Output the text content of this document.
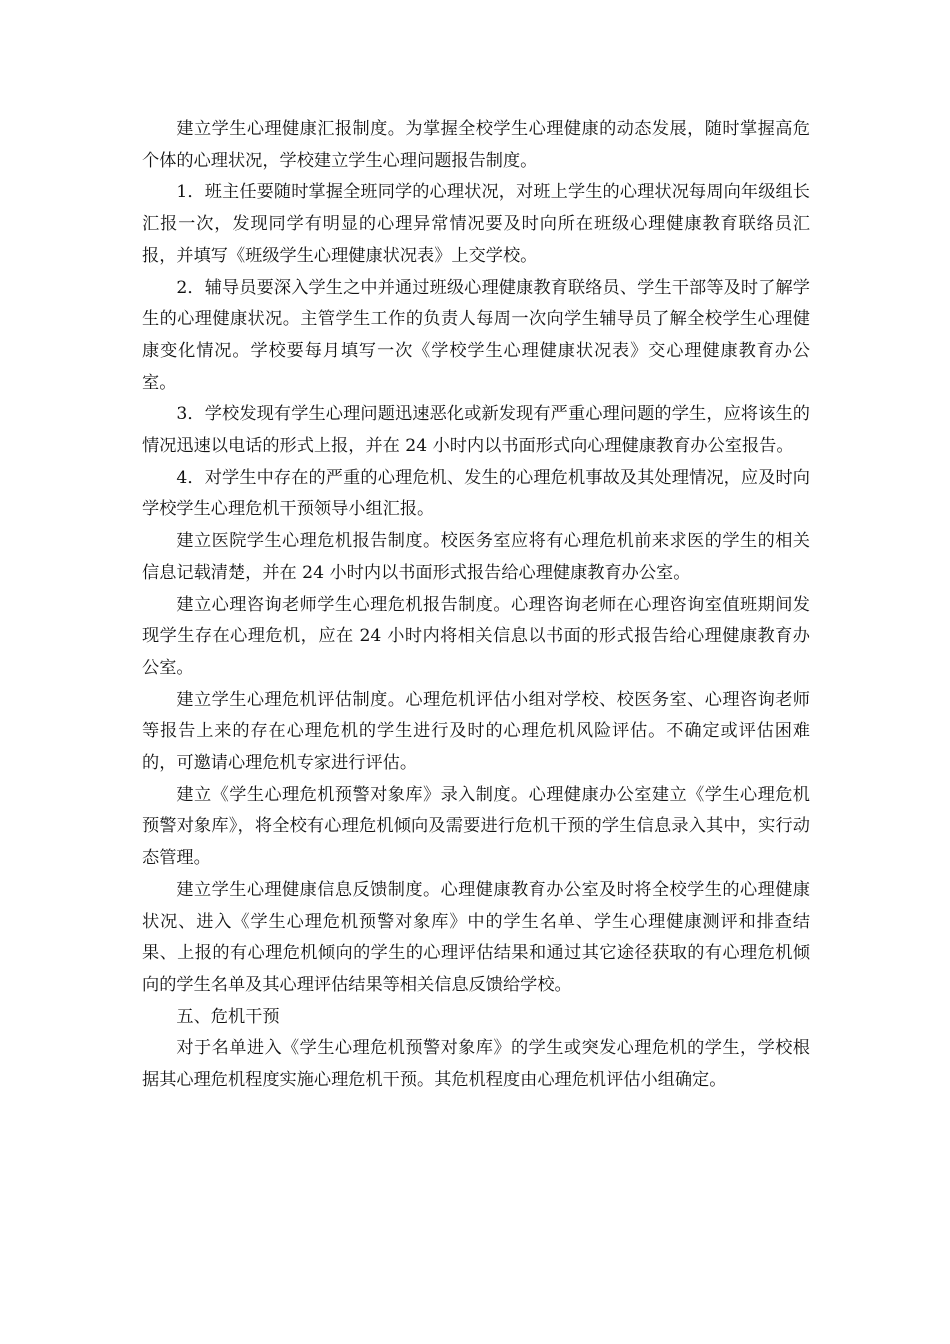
建立学生心理健康汇报制度。为掌握全校学生心理健康的动态发展，随时掌握高危个体的心理状况，学校建立学生心理问题报告制度。

1．班主任要随时掌握全班同学的心理状况，对班上学生的心理状况每周向年级组长汇报一次，发现同学有明显的心理异常情况要及时向所在班级心理健康教育联络员汇报，并填写《班级学生心理健康状况表》上交学校。

2．辅导员要深入学生之中并通过班级心理健康教育联络员、学生干部等及时了解学生的心理健康状况。主管学生工作的负责人每周一次向学生辅导员了解全校学生心理健康变化情况。学校要每月填写一次《学校学生心理健康状况表》交心理健康教育办公室。

3．学校发现有学生心理问题迅速恶化或新发现有严重心理问题的学生，应将该生的情况迅速以电话的形式上报，并在 24 小时内以书面形式向心理健康教育办公室报告。

4．对学生中存在的严重的心理危机、发生的心理危机事故及其处理情况，应及时向学校学生心理危机干预领导小组汇报。

建立医院学生心理危机报告制度。校医务室应将有心理危机前来求医的学生的相关信息记载清楚，并在 24 小时内以书面形式报告给心理健康教育办公室。

建立心理咨询老师学生心理危机报告制度。心理咨询老师在心理咨询室值班期间发现学生存在心理危机，应在 24 小时内将相关信息以书面的形式报告给心理健康教育办公室。

建立学生心理危机评估制度。心理危机评估小组对学校、校医务室、心理咨询老师等报告上来的存在心理危机的学生进行及时的心理危机风险评估。不确定或评估困难的，可邀请心理危机专家进行评估。

建立《学生心理危机预警对象库》录入制度。心理健康办公室建立《学生心理危机预警对象库》，将全校有心理危机倾向及需要进行危机干预的学生信息录入其中，实行动态管理。

建立学生心理健康信息反馈制度。心理健康教育办公室及时将全校学生的心理健康状况、进入《学生心理危机预警对象库》中的学生名单、学生心理健康测评和排查结果、上报的有心理危机倾向的学生的心理评估结果和通过其它途径获取的有心理危机倾向的学生名单及其心理评估结果等相关信息反馈给学校。

五、危机干预

对于名单进入《学生心理危机预警对象库》的学生或突发心理危机的学生，学校根据其心理危机程度实施心理危机干预。其危机程度由心理危机评估小组确定。
